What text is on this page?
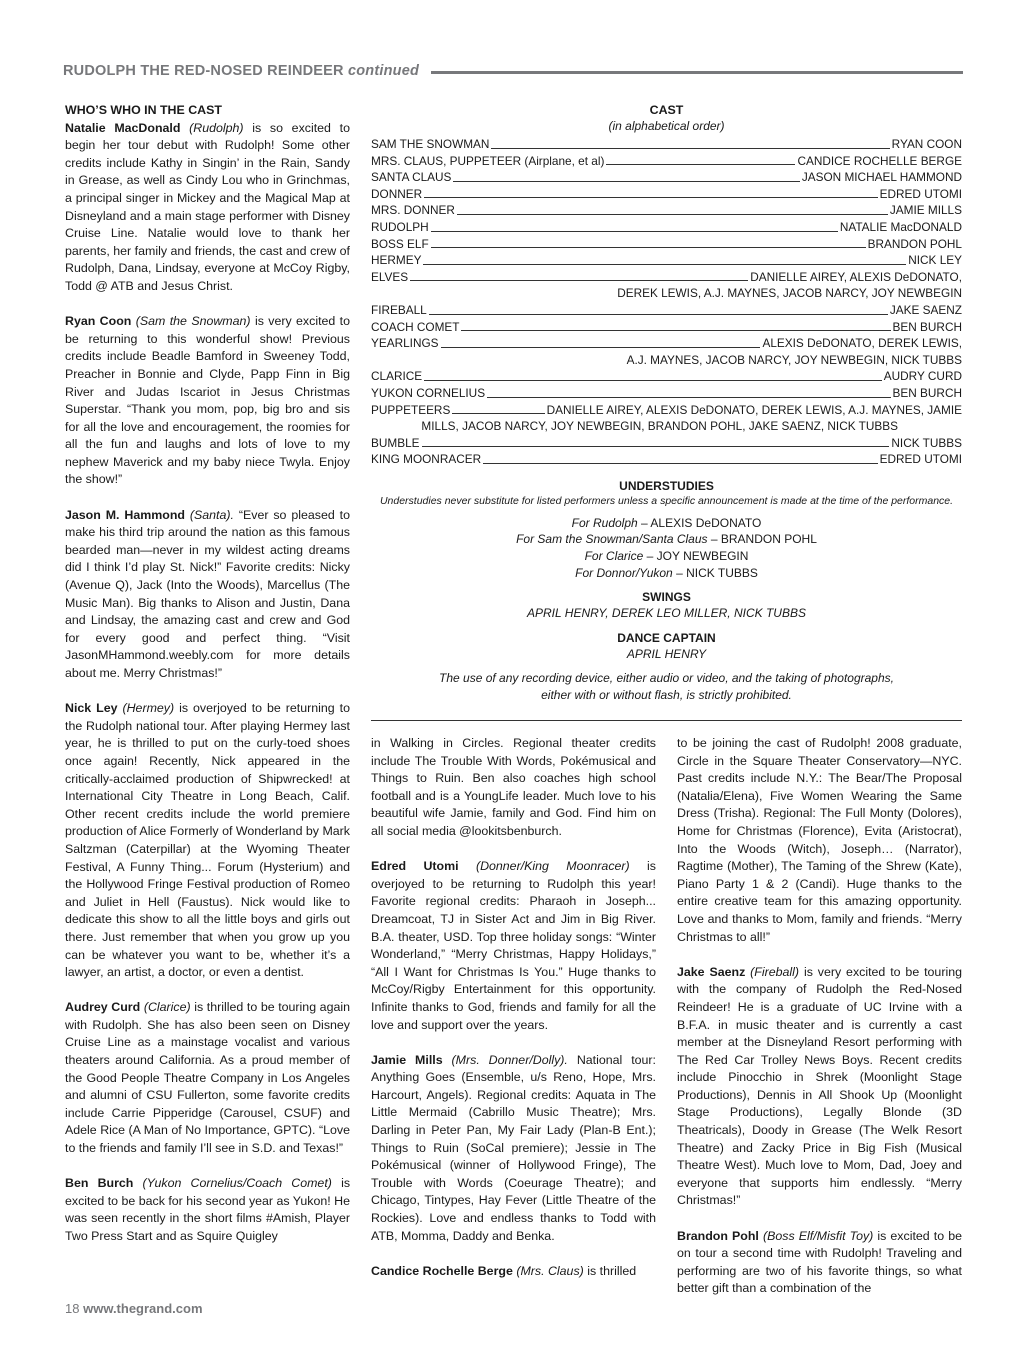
RUDOLPH THE RED-NOSED REINDEER continued
WHO’S WHO IN THE CAST

Natalie MacDonald (Rudolph) is so excited to begin her tour debut with Rudolph! Some other credits include Kathy in Singin’ in the Rain, Sandy in Grease, as well as Cindy Lou who in Grinchmas, a principal singer in Mickey and the Magical Map at Disneyland and a main stage performer with Disney Cruise Line. Natalie would love to thank her parents, her family and friends, the cast and crew of Rudolph, Dana, Lindsay, everyone at McCoy Rigby, Todd @ ATB and Jesus Christ.

Ryan Coon (Sam the Snowman) is very excited to be returning to this wonderful show! Previous credits include Beadle Bamford in Sweeney Todd, Preacher in Bonnie and Clyde, Papp Finn in Big River and Judas Iscariot in Jesus Christmas Superstar. “Thank you mom, pop, big bro and sis for all the love and encouragement, the roomies for all the fun and laughs and lots of love to my nephew Maverick and my baby niece Twyla. Enjoy the show!”

Jason M. Hammond (Santa). “Ever so pleased to make his third trip around the nation as this famous bearded man—never in my wildest acting dreams did I think I’d play St. Nick!” Favorite credits: Nicky (Avenue Q), Jack (Into the Woods), Marcellus (The Music Man). Big thanks to Alison and Justin, Dana and Lindsay, the amazing cast and crew and God for every good and perfect thing. “Visit JasonMHammond.weebly.com for more details about me. Merry Christmas!”

Nick Ley (Hermey) is overjoyed to be returning to the Rudolph national tour. After playing Hermey last year, he is thrilled to put on the curly-toed shoes once again! Recently, Nick appeared in the critically-acclaimed production of Shipwrecked! at International City Theatre in Long Beach, Calif. Other recent credits include the world premiere production of Alice Formerly of Wonderland by Mark Saltzman (Caterpillar) at the Wyoming Theater Festival, A Funny Thing... Forum (Hysterium) and the Hollywood Fringe Festival production of Romeo and Juliet in Hell (Faustus). Nick would like to dedicate this show to all the little boys and girls out there. Just remember that when you grow up you can be whatever you want to be, whether it’s a lawyer, an artist, a doctor, or even a dentist.

Audrey Curd (Clarice) is thrilled to be touring again with Rudolph. She has also been seen on Disney Cruise Line as a mainstage vocalist and various theaters around California. As a proud member of the Good People Theatre Company in Los Angeles and alumni of CSU Fullerton, some favorite credits include Carrie Pipperidge (Carousel, CSUF) and Adele Rice (A Man of No Importance, GPTC). “Love to the friends and family I’ll see in S.D. and Texas!”

Ben Burch (Yukon Cornelius/Coach Comet) is excited to be back for his second year as Yukon! He was seen recently in the short films #Amish, Player Two Press Start and as Squire Quigley

CAST
(in alphabetical order)
SAM THE SNOWMAN	RYAN COON
MRS. CLAUS, PUPPETEER (Airplane, et al)	CANDICE ROCHELLE BERGE
SANTA CLAUS	JASON MICHAEL HAMMOND
DONNER	EDRED UTOMI
MRS. DONNER	JAMIE MILLS
RUDOLPH	NATALIE MacDONALD
BOSS ELF	BRANDON POHL
HERMEY	NICK LEY
ELVES	DANIELLE AIREY, ALEXIS DeDONATO,
DEREK LEWIS, A.J. MAYNES, JACOB NARCY, JOY NEWBEGIN
FIREBALL	JAKE SAENZ
COACH COMET	BEN BURCH
YEARLINGS	ALEXIS DeDONATO, DEREK LEWIS,
A.J. MAYNES, JACOB NARCY, JOY NEWBEGIN, NICK TUBBS
CLARICE	AUDRY CURD
YUKON CORNELIUS	BEN BURCH
PUPPETEERS	DANIELLE AIREY, ALEXIS DeDONATO, DEREK LEWIS, A.J. MAYNES, JAMIE
MILLS, JACOB NARCY, JOY NEWBEGIN, BRANDON POHL, JAKE SAENZ, NICK TUBBS
BUMBLE	NICK TUBBS
KING MOONRACER	EDRED UTOMI
UNDERSTUDIES
Understudies never substitute for listed performers unless a specific announcement is made at the time of the performance.
For Rudolph – ALEXIS DeDONATO
For Sam the Snowman/Santa Claus – BRANDON POHL
For Clarice – JOY NEWBEGIN
For Donnor/Yukon – NICK TUBBS
SWINGS
APRIL HENRY, DEREK LEO MILLER, NICK TUBBS
DANCE CAPTAIN
APRIL HENRY
The use of any recording device, either audio or video, and the taking of photographs,
either with or without flash, is strictly prohibited.

in Walking in Circles. Regional theater credits include The Trouble With Words, Pokémusical and Things to Ruin. Ben also coaches high school football and is a YoungLife leader. Much love to his beautiful wife Jamie, family and God. Find him on all social media @lookitsbenburch.

Edred Utomi (Donner/King Moonracer) is overjoyed to be returning to Rudolph this year! Favorite regional credits: Pharaoh in Joseph... Dreamcoat, TJ in Sister Act and Jim in Big River. B.A. theater, USD. Top three holiday songs: “Winter Wonderland,” “Merry Christmas, Happy Holidays,” “All I Want for Christmas Is You.” Huge thanks to McCoy/Rigby Entertainment for this opportunity. Infinite thanks to God, friends and family for all the love and support over the years.

Jamie Mills (Mrs. Donner/Dolly). National tour: Anything Goes (Ensemble, u/s Reno, Hope, Mrs. Harcourt, Angels). Regional credits: Aquata in The Little Mermaid (Cabrillo Music Theatre); Mrs. Darling in Peter Pan, My Fair Lady (Plan-B Ent.); Things to Ruin (SoCal premiere); Jessie in The Pokémusical (winner of Hollywood Fringe), The Trouble with Words (Coeurage Theatre); and Chicago, Tintypes, Hay Fever (Little Theatre of the Rockies). Love and endless thanks to Todd with ATB, Momma, Daddy and Benka.

Candice Rochelle Berge (Mrs. Claus) is thrilled

to be joining the cast of Rudolph! 2008 graduate, Circle in the Square Theater Conservatory—NYC. Past credits include N.Y.: The Bear/The Proposal (Natalia/Elena), Five Women Wearing the Same Dress (Trisha). Regional: The Full Monty (Dolores), Home for Christmas (Florence), Evita (Aristocrat), Into the Woods (Witch), Joseph… (Narrator), Ragtime (Mother), The Taming of the Shrew (Kate), Piano Party 1 & 2 (Candi). Huge thanks to the entire creative team for this amazing opportunity. Love and thanks to Mom, family and friends. “Merry Christmas to all!”

Jake Saenz (Fireball) is very excited to be touring with the company of Rudolph the Red-Nosed Reindeer! He is a graduate of UC Irvine with a B.F.A. in music theater and is currently a cast member at the Disneyland Resort performing with The Red Car Trolley News Boys. Recent credits include Pinocchio in Shrek (Moonlight Stage Productions), Dennis in All Shook Up (Moonlight Stage Productions), Legally Blonde (3D Theatricals), Doody in Grease (The Welk Resort Theatre) and Zacky Price in Big Fish (Musical Theatre West). Much love to Mom, Dad, Joey and everyone that supports him endlessly. “Merry Christmas!”

Brandon Pohl (Boss Elf/Misfit Toy) is excited to be on tour a second time with Rudolph! Traveling and performing are two of his favorite things, so what better gift than a combination of the

18 www.thegrand.com
